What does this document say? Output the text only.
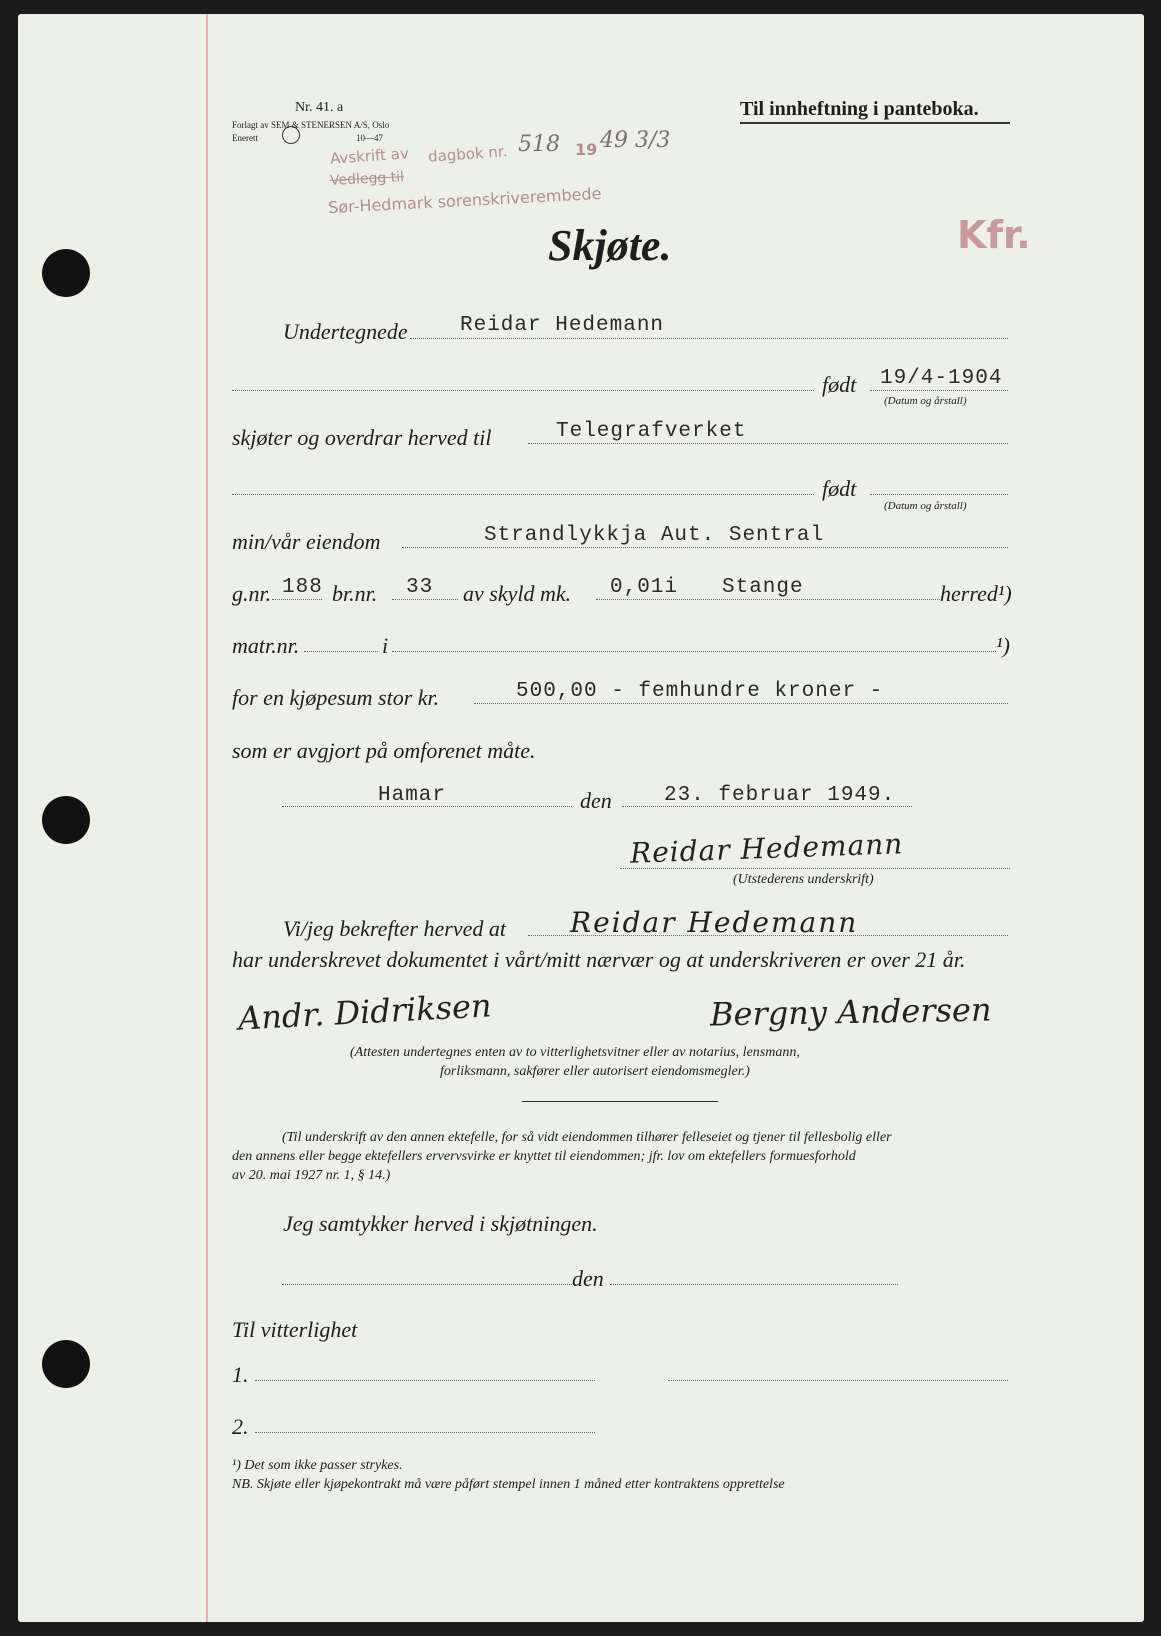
Nr. 41. a
Forlagt av SEM & STENERSEN A/S, Oslo
Enerett	10—47
Til innheftning i panteboka.
Avskrift av dagbok nr. 518 19 49 3/3
Vedlegg til
Sør-Hedmark sorenskriverembede
Kfr.
Skjøte.
Undertegnede Reidar Hedemann
født 19/4-1904
(Datum og årstall)
skjøter og overdrar herved til	Telegrafverket
født
(Datum og årstall)
min/vår eiendom	Strandlykkja Aut. Sentral
g.nr. 188 br.nr. 33 av skyld mk. 0,01i Stange	herred¹)
matr.nr.	i	¹)
for en kjøpesum stor kr.	500,00 - femhundre kroner -
som er avgjort på omforenet måte.
Hamar	den 23. februar 1949.
Reidar Hedemann
(Utstederens underskrift)
Vi/jeg bekrefter herved at Reidar Hedemann
har underskrevet dokumentet i vårt/mitt nærvær og at underskriveren er over 21 år.
Andr. Didriksen	Bergny Andersen
(Attesten undertegnes enten av to vitterlighetsvitner eller av notarius, lensmann,
forliksmann, sakfører eller autorisert eiendomsmegler.)
(Til underskrift av den annen ektefelle, for så vidt eiendommen tilhører felleseiet og tjener til fellesbolig eller
den annens eller begge ektefellers ervervsvirke er knyttet til eiendommen; jfr. lov om ektefellers formuesforhold
av 20. mai 1927 nr. 1, § 14.)
Jeg samtykker herved i skjøtningen.
den
Til vitterlighet
1.
2.
¹) Det som ikke passer strykes.
NB. Skjøte eller kjøpekontrakt må være påført stempel innen 1 måned etter kontraktens opprettelse
